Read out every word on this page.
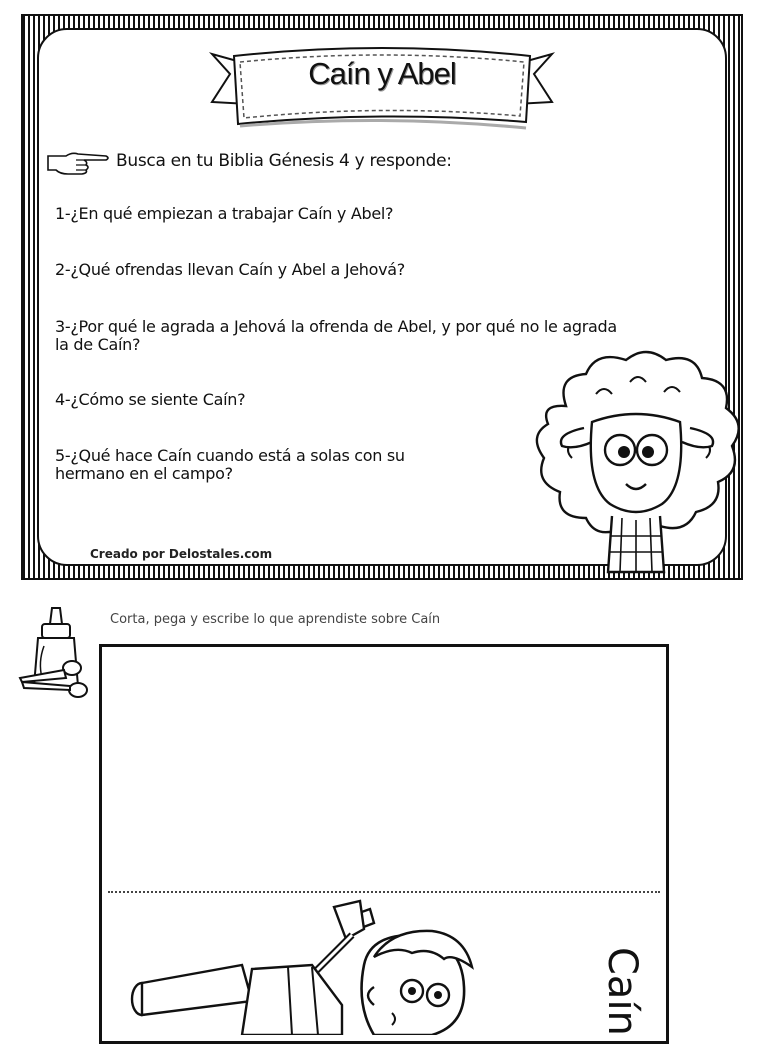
Caín y Abel
Busca en tu Biblia Génesis 4 y responde:
1-¿En qué empiezan a trabajar Caín y Abel?
2-¿Qué ofrendas llevan Caín y Abel a Jehová?
3-¿Por qué le agrada a Jehová la ofrenda de Abel, y por qué no le agrada la de Caín?
4-¿Cómo se siente Caín?
5-¿Qué hace Caín cuando está a solas con su hermano en el campo?
Creado por Delostales.com
Corta, pega y escribe lo que aprendiste sobre Caín
Caín
